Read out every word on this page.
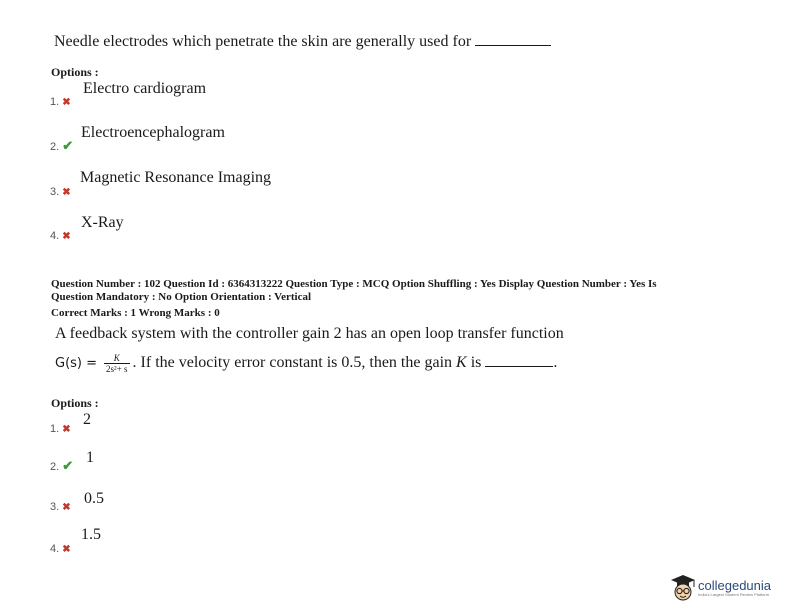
Needle electrodes which penetrate the skin are generally used for
Options :
1. ✖
Electro cardiogram
2. ✔
Electroencephalogram
3. ✖
Magnetic Resonance Imaging
4. ✖
X-Ray
Question Number : 102 Question Id : 6364313222 Question Type : MCQ Option Shuffling : Yes Display Question Number : Yes Is
Question Mandatory : No Option Orientation : Vertical
Correct Marks : 1 Wrong Marks : 0
A feedback system with the controller gain 2 has an open loop transfer function
$G(s) = \frac{K}{\text{2s²+ s}}$ . If the velocity error constant is 0.5, then the gain K is	.
Options :
1. ✖
2
2. ✔ 1
3. ✖
0.5
4. ✖
1.5
collegedunia
India's Largest Student Review Platform
